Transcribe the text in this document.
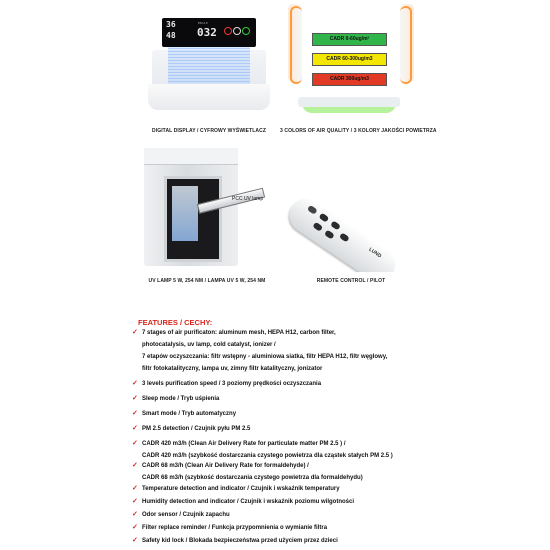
36
48
PM 2.5
032
DIGITAL DISPLAY / CYFROWY WYŚWIETLACZ
CADR 0-60ug/m³
CADR 60-300ug/m3
CADR 300ug/m3
3 COLORS OF AIR QUALITY / 3 KOLORY JAKOŚCI POWIETRZA
PCC UV lamp
UV LAMP 5 W, 254 NM / LAMPA UV 5 W, 254 NM
LUND
REMOTE CONTROL / PILOT
FEATURES / CECHY:
✓ 7 stages of air purificaton: aluminum mesh, HEPA H12, carbon filter,
photocatalysis, uv lamp, cold catalyst, ionizer /
7 etapów oczyszczania: filtr wstępny - aluminiowa siatka, filtr HEPA H12, filtr węglowy,
filtr fotokatalityczny, lampa uv, zimny filtr katalityczny, jonizator
✓ 3 levels purification speed / 3 poziomy prędkości oczyszczania
✓ Sleep mode / Tryb uśpienia
✓ Smart mode / Tryb automatyczny
✓ PM 2.5 detection / Czujnik pyłu PM 2.5
✓ CADR 420 m3/h (Clean Air Delivery Rate for particulate matter PM 2.5 ) /
CADR 420 m3/h (szybkość dostarczania czystego powietrza dla cząstek stałych PM 2.5 )
✓ CADR 68 m3/h (Clean Air Delivery Rate for formaldehyde) /
CADR 68 m3/h (szybkość dostarczania czystego powietrza dla formaldehydu)
✓ Temperature detection and indicator / Czujnik i wskaźnik temperatury
✓ Humidity detection and indicator / Czujnik i wskaźnik poziomu wilgotności
✓ Odor sensor / Czujnik zapachu
✓ Filter replace reminder / Funkcja przypomnienia o wymianie filtra
✓ Safety kid lock / Blokada bezpieczeństwa przed użyciem przez dzieci
